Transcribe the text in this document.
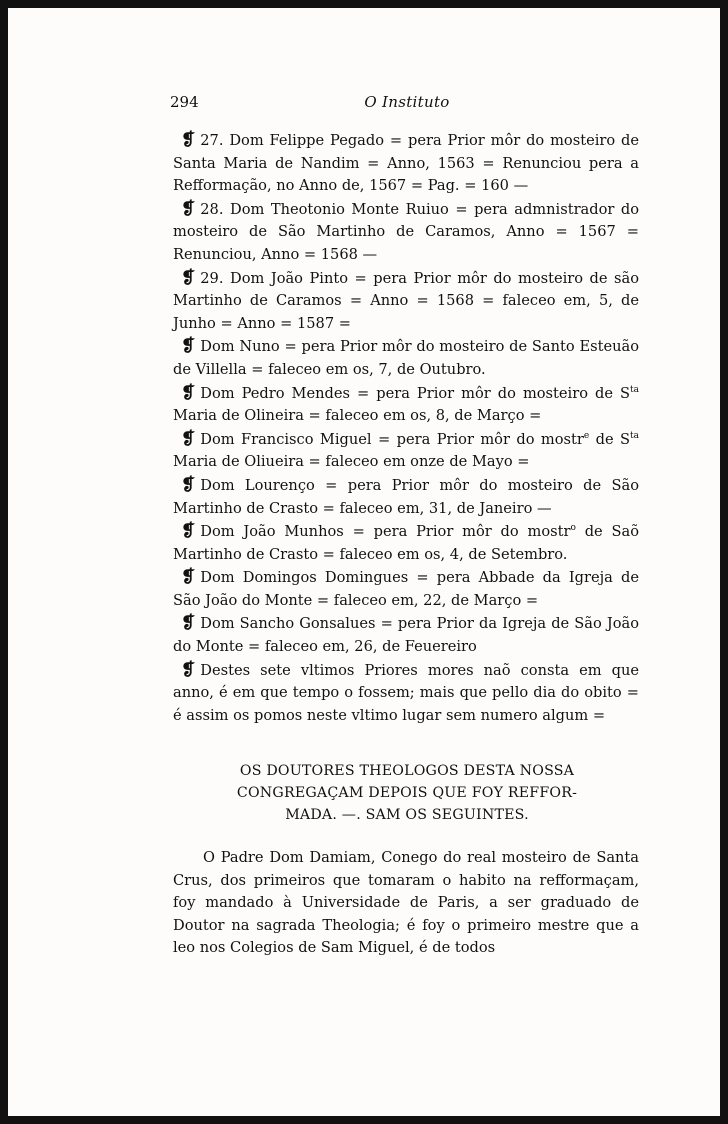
294	O Instituto

❡ 27. Dom Felippe Pegado = pera Prior môr do mosteiro de Santa Maria de Nandim = Anno, 1563 = Renunciou pera a Refformação, no Anno de, 1567 = Pag. = 160 —

❡ 28. Dom Theotonio Monte Ruiuo = pera admnistrador do mosteiro de São Martinho de Caramos, Anno = 1567 = Renunciou, Anno = 1568 —

❡ 29. Dom João Pinto = pera Prior môr do mosteiro de são Martinho de Caramos = Anno = 1568 = faleceo em, 5, de Junho = Anno = 1587 =

❡ Dom Nuno = pera Prior môr do mosteiro de Santo Esteuão de Villella = faleceo em os, 7, de Outubro.

❡ Dom Pedro Mendes = pera Prior môr do mosteiro de $S^{ta}$ Maria de Olineira = faleceo em os, 8, de Março =

❡ Dom Francisco Miguel = pera Prior môr do mostr$^e$ de $S^{ta}$ Maria de Oliueira = faleceo em onze de Mayo =

❡ Dom Lourenço = pera Prior môr do mosteiro de São Martinho de Crasto = faleceo em, 31, de Janeiro —

❡ Dom João Munhos = pera Prior môr do mostr$^o$ de Saõ Martinho de Crasto = faleceo em os, 4, de Setembro.

❡ Dom Domingos Domingues = pera Abbade da Igreja de São João do Monte = faleceo em, 22, de Março =

❡ Dom Sancho Gonsalues = pera Prior da Igreja de São João do Monte = faleceo em, 26, de Feuereiro

❡ Destes sete vltimos Priores mores naõ consta em que anno, é em que tempo o fossem; mais que pello dia do obito = é assim os pomos neste vltimo lugar sem numero algum =

OS DOUTORES THEOLOGOS DESTA NOSSA
CONGREGAÇAM DEPOIS QUE FOY REFFOR-
MADA. —. SAM OS SEGUINTES.

O Padre Dom Damiam, Conego do real mosteiro de Santa Crus, dos primeiros que tomaram o habito na refformaçam, foy mandado à Universidade de Paris, a ser graduado de Doutor na sagrada Theologia; é foy o primeiro mestre que a leo nos Colegios de Sam Miguel, é de todos
